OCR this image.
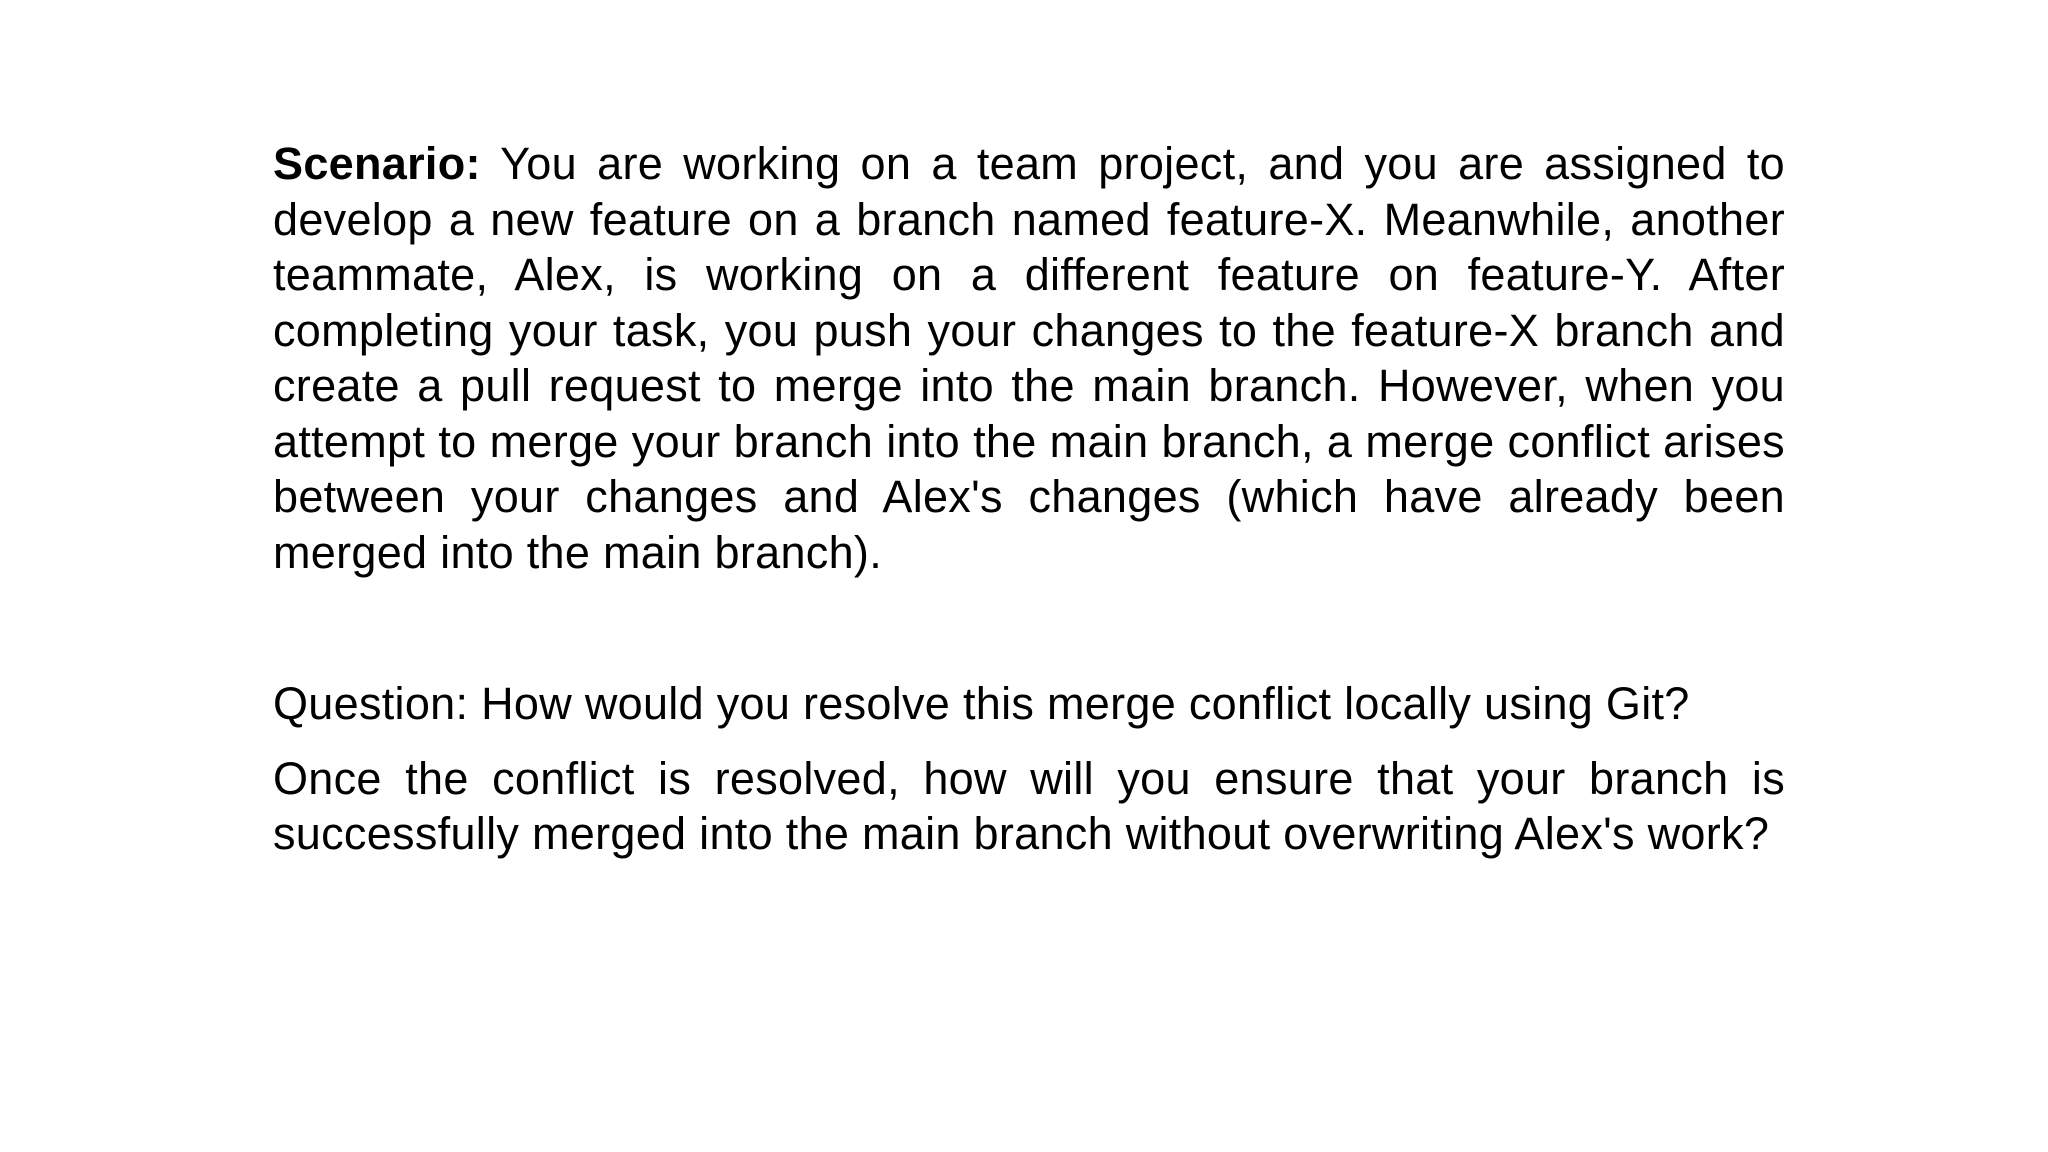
Scenario: You are working on a team project, and you are assigned to develop a new feature on a branch named feature-X. Meanwhile, another teammate, Alex, is working on a different feature on feature-Y. After completing your task, you push your changes to the feature-X branch and create a pull request to merge into the main branch. However, when you attempt to merge your branch into the main branch, a merge conflict arises between your changes and Alex's changes (which have already been merged into the main branch).

Question: How would you resolve this merge conflict locally using Git?

Once the conflict is resolved, how will you ensure that your branch is successfully merged into the main branch without overwriting Alex's work?
